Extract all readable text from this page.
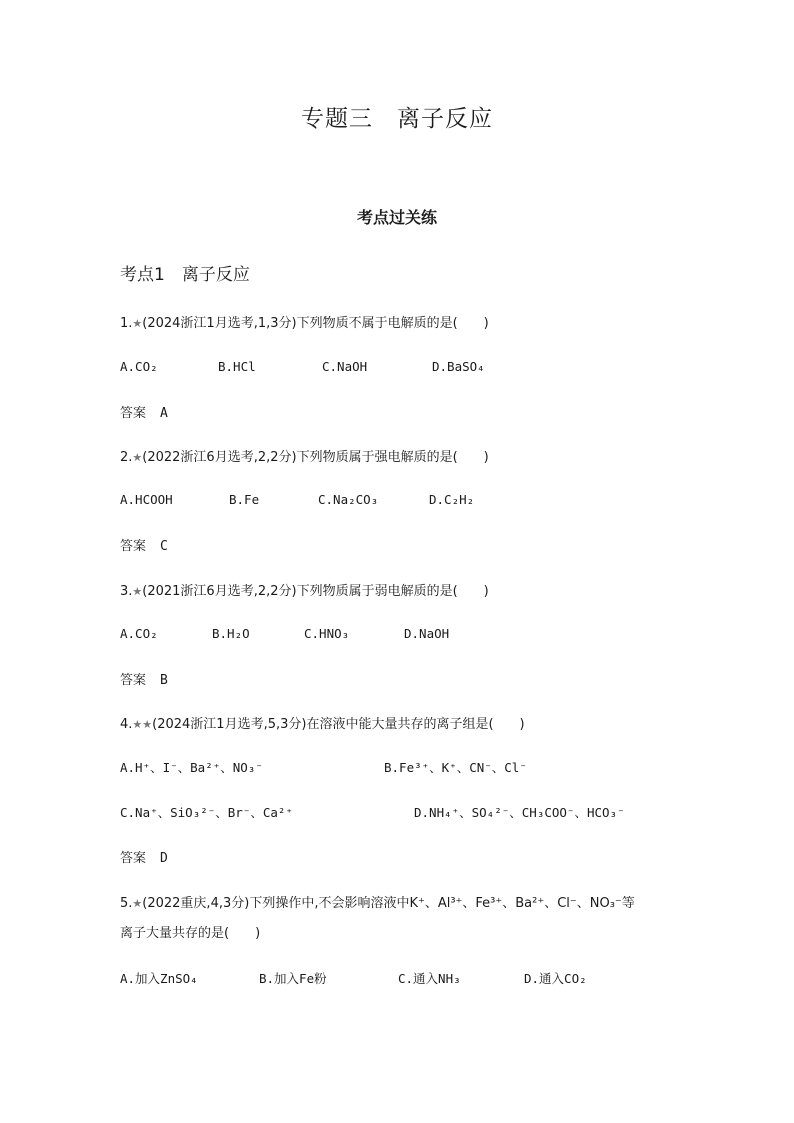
专题三　离子反应
考点过关练
考点1　离子反应
1.★(2024浙江1月选考,1,3分)下列物质不属于电解质的是(　　)
A.CO₂	B.HCl	C.NaOH	D.BaSO₄
答案 A
2.★(2022浙江6月选考,2,2分)下列物质属于强电解质的是(　　)
A.HCOOH	B.Fe	C.Na₂CO₃	D.C₂H₂
答案 C
3.★(2021浙江6月选考,2,2分)下列物质属于弱电解质的是(　　)
A.CO₂	B.H₂O	C.HNO₃	D.NaOH
答案 B
4.★★(2024浙江1月选考,5,3分)在溶液中能大量共存的离子组是(　　)
A.H⁺、I⁻、Ba²⁺、NO₃⁻	B.Fe³⁺、K⁺、CN⁻、Cl⁻
C.Na⁺、SiO₃²⁻、Br⁻、Ca²⁺	D.NH₄⁺、SO₄²⁻、CH₃COO⁻、HCO₃⁻
答案 D
5.★(2022重庆,4,3分)下列操作中,不会影响溶液中K⁺、Al³⁺、Fe³⁺、Ba²⁺、Cl⁻、NO₃⁻等
离子大量共存的是(　　)
A.加入ZnSO₄	B.加入Fe粉	C.通入NH₃	D.通入CO₂
